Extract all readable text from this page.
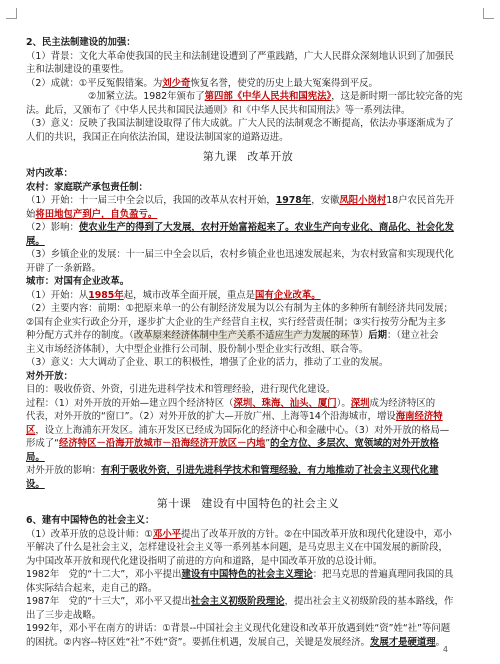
2、民主法制建设的加强：

（1）背景：文化大革命使我国的民主和法制建设遭到了严重践踏，广大人民群众深刻地认识到了加强民

主和法制建设的重要性。

（2）成就：①平反冤假错案。为刘少奇恢复名誉，使党的历史上最大冤案得到平反。

②加紧立法。1982年颁布了第四部《中华人民共和国宪法》，这是新时期一部比较完备的宪

法。此后，又颁布了《中华人民共和国民法通则》和《中华人民共和国刑法》等一系列法律。

（3）意义：反映了我国法制建设取得了伟大成就。广大人民的法制观念不断提高，依法办事逐渐成为了

人们的共识，我国正在向依法治国，建设法制国家的道路迈进。

第九课 改革开放

对内改革：

农村：家庭联产承包责任制：

（1）开始：十一届三中全会以后，我国的改革从农村开始，1978年，安徽凤阳小岗村18户农民首先开

始将田地包产到户，自负盈亏。

（2）影响：使农业生产的得到了大发展，农村开始富裕起来了。农业生产向专业化、商品化、社会化发

展。

（3）乡镇企业的发展：十一届三中全会以后，农村乡镇企业也迅速发展起来，为农村致富和实现现代化

开辟了一条新路。

城市：对国有企业改革。

（1）开始：从1985年起，城市改革全面开展，重点是国有企业改革。

（2）主要内容：前期：①把原来单一的公有制经济发展为以公有制为主体的多种所有制经济共同发展；

②国有企业实行政企分开，逐步扩大企业的生产经营自主权，实行经营责任制；③实行按劳分配为主多

种分配方式并存的制度。（改革原来经济体制中生产关系不适应生产力发展的环节）后期：（建立社会

主义市场经济体制），大中型企业推行公司制、股份制小型企业实行改组、联合等。

（3）意义：大大调动了企业、职工的积极性，增强了企业的活力，推动了工业的发展。

对外开放：

目的：吸收侨资、外资，引进先进科学技术和管理经验，进行现代化建设。

过程：（1）对外开放的开始—建立四个经济特区（深圳、珠海、汕头、厦门）。深圳成为经济特区的

代表，对外开放的“窗口”。（2）对外开放的扩大—开放广州、上海等14个沿海城市，增设海南经济特

区，设立上海浦东开发区。浦东开发区已经成为国际化的经济中心和金融中心。（3）对外开放的格局—

形成了“经济特区－沿海开放城市－沿海经济开放区－内地”的全方位、多层次、宽领域的对外开放格

局。

对外开放的影响：有利于吸收外资，引进先进科学技术和管理经验，有力地推动了社会主义现代化建

设。

第十课 建设有中国特色的社会主义

6、建有中国特色的社会主义：

（1）改革开放的总设计师：①邓小平提出了改革开放的方针。②在中国改革开放和现代化建设中，邓小

平解决了什么是社会主义，怎样建设社会主义等一系列基本问题，是马克思主义在中国发展的新阶段，

为中国改革开放和现代化建设指明了前进的方向和道路，是中国改革开放的总设计师。

1982年　党的“十二大”，邓小平提出建设有中国特色的社会主义理论：把马克思的普遍真理同我国的具

体实际结合起来，走自己的路。

1987年　党的“十三大”，邓小平又提出社会主义初级阶段理论，提出社会主义初级阶段的基本路线，作

出了三步走战略。

1992年，邓小平在南方的讲话：①背景--中国社会主义现代化建设和改革开放遇到姓“资”姓“社”等问题

的困扰。②内容--特区姓“社”不姓“资”。要抓住机遇，发展自己，关键是发展经济。发展才是硬道理。

4
